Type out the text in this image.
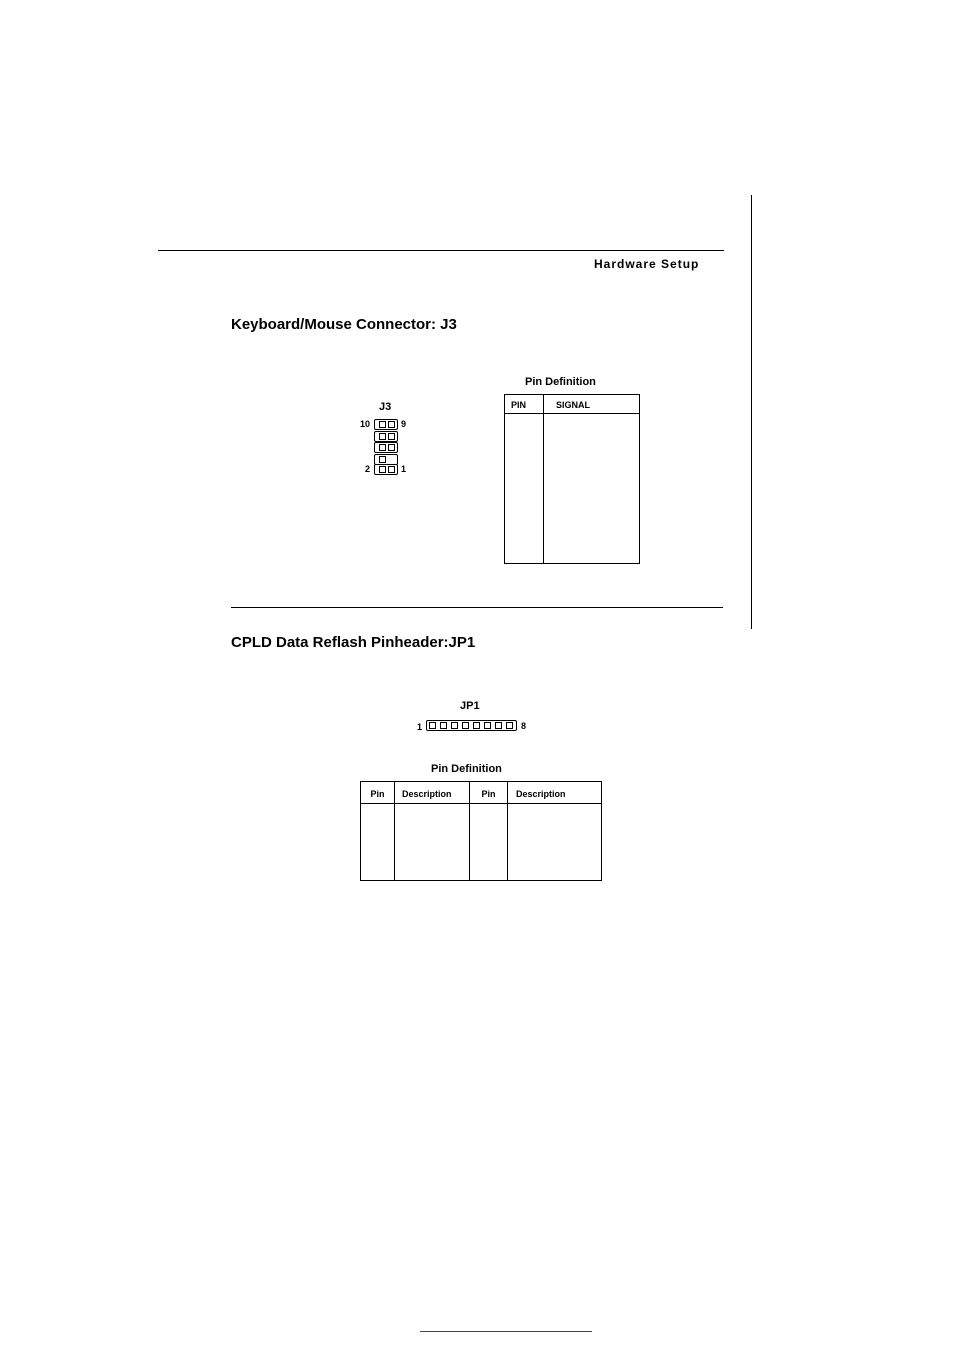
Hardware Setup
Keyboard/Mouse Connector: J3
J3
10	9
2	1
Pin Definition
PIN	SIGNAL

CPLD Data Reflash Pinheader:JP1
JP1
1	8
Pin Definition
Pin	Description	Pin	Description
